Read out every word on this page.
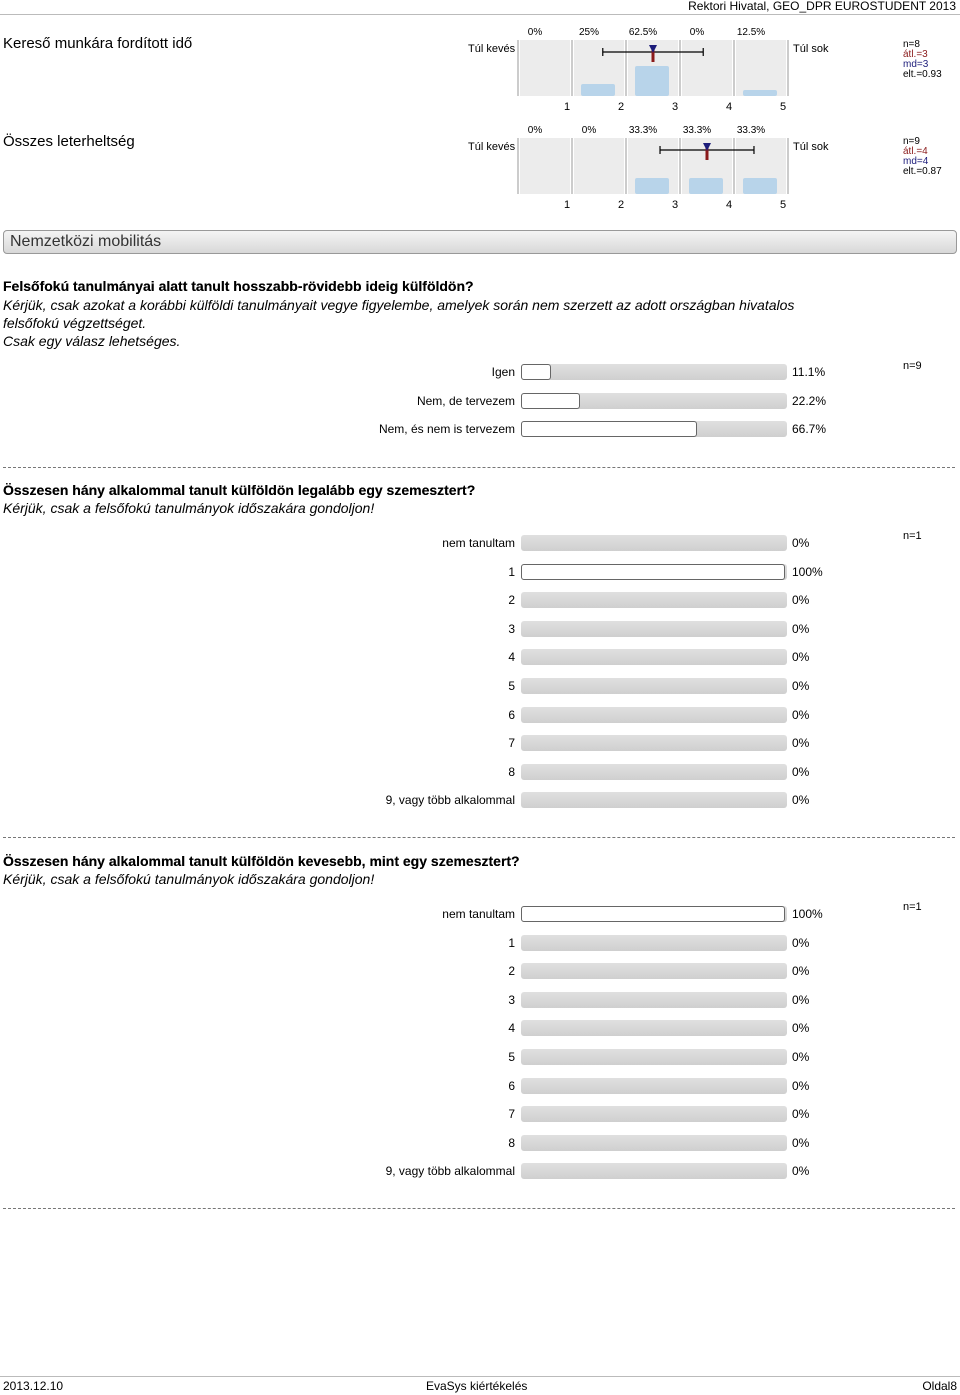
Rektori Hivatal, GEO_DPR EUROSTUDENT 2013
Kereső munkára fordított idő	Túl kevés	Túl sok	n=8
átl.=3
md=3
elt.=0.93
0%	25%	62.5%	0%	12.5%
1	2	3	4	5
Összes leterheltség	Túl kevés	Túl sok	n=9
átl.=4
md=4
elt.=0.87
0%	0%	33.3%	33.3%	33.3%
1	2	3	4	5
Nemzetközi mobilitás
Felsőfokú tanulmányai alatt tanult hosszabb-rövidebb ideig külföldön?
Kérjük, csak azokat a korábbi külföldi tanulmányait vegye figyelembe, amelyek során nem szerzett az adott országban hivatalos
felsőfokú végzettséget.
Csak egy válasz lehetséges.
n=9
Igen	11.1%
Nem, de tervezem	22.2%
Nem, és nem is tervezem	66.7%
Összesen hány alkalommal tanult külföldön legalább egy szemesztert?
Kérjük, csak a felsőfokú tanulmányok időszakára gondoljon!
n=1
nem tanultam	0%
1	100%
2	0%
3	0%
4	0%
5	0%
6	0%
7	0%
8	0%
9, vagy több alkalommal	0%
Összesen hány alkalommal tanult külföldön kevesebb, mint egy szemesztert?
Kérjük, csak a felsőfokú tanulmányok időszakára gondoljon!
n=1
nem tanultam	100%
1	0%
2	0%
3	0%
4	0%
5	0%
6	0%
7	0%
8	0%
9, vagy több alkalommal	0%
2013.12.10	EvaSys kiértékelés	Oldal8
